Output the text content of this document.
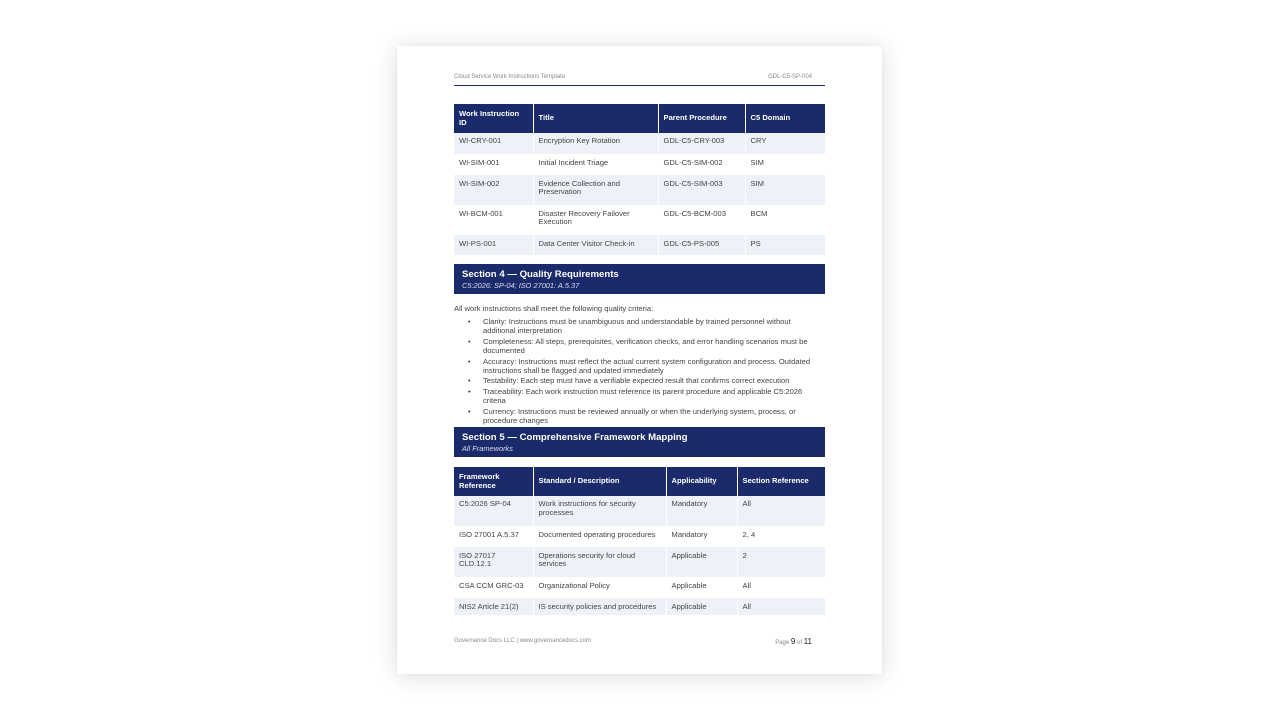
Cloud Service Work Instructions Template	GDL-C5-SP-004
Work Instruction ID	Title	Parent Procedure	C5 Domain
WI-CRY-001	Encryption Key Rotation	GDL-C5-CRY-003	CRY
WI-SIM-001	Initial Incident Triage	GDL-C5-SIM-002	SIM
WI-SIM-002	Evidence Collection and Preservation	GDL-C5-SIM-003	SIM
WI-BCM-001	Disaster Recovery Failover Execution	GDL-C5-BCM-003	BCM
WI-PS-001	Data Center Visitor Check-in	GDL-C5-PS-005	PS
Section 4 — Quality Requirements
C5:2026: SP-04; ISO 27001: A.5.37
All work instructions shall meet the following quality criteria:
• Clarity: Instructions must be unambiguous and understandable by trained personnel without additional interpretation
• Completeness: All steps, prerequisites, verification checks, and error handling scenarios must be documented
• Accuracy: Instructions must reflect the actual current system configuration and process. Outdated instructions shall be flagged and updated immediately
• Testability: Each step must have a verifiable expected result that confirms correct execution
• Traceability: Each work instruction must reference its parent procedure and applicable C5:2026 criteria
• Currency: Instructions must be reviewed annually or when the underlying system, process, or procedure changes
Section 5 — Comprehensive Framework Mapping
All Frameworks
Framework Reference	Standard / Description	Applicability	Section Reference
C5:2026 SP-04	Work instructions for security processes	Mandatory	All
ISO 27001 A.5.37	Documented operating procedures	Mandatory	2, 4
ISO 27017 CLD.12.1	Operations security for cloud services	Applicable	2
CSA CCM GRC-03	Organizational Policy	Applicable	All
NIS2 Article 21(2)	IS security policies and procedures	Applicable	All
Governance Docs LLC | www.governancedocs.com	Page 9 of 11
